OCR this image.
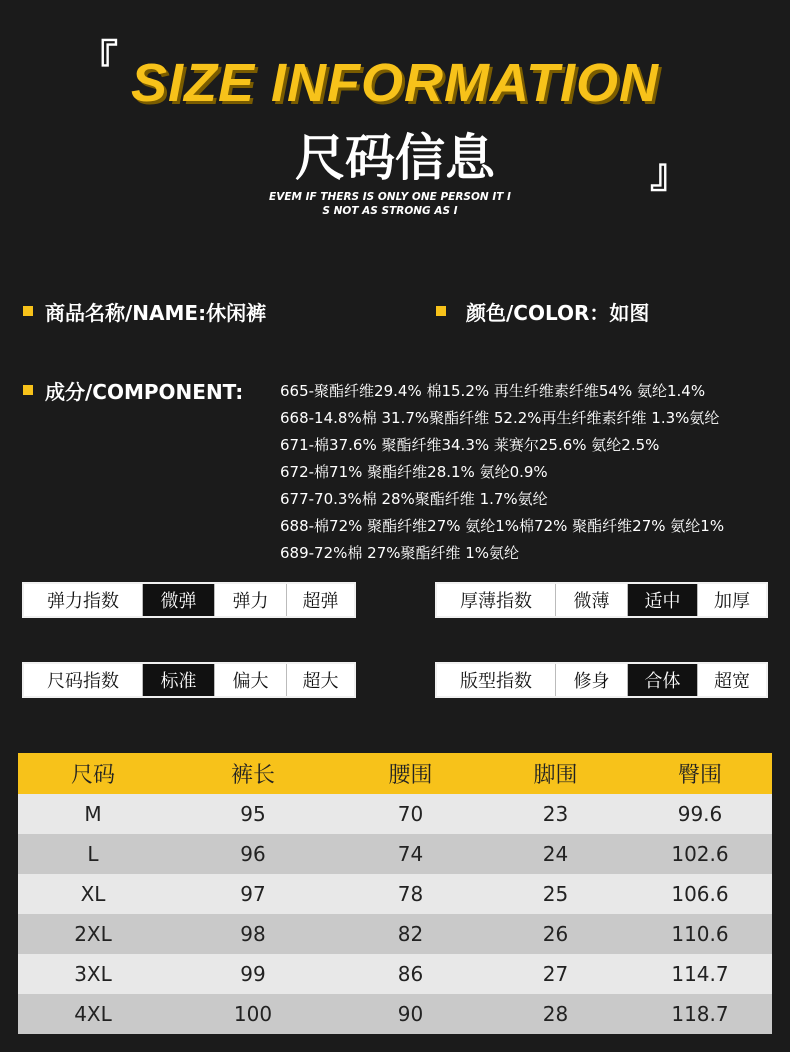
『
』
SIZE INFORMATION
尺码信息
EVEM IF THERS IS ONLY ONE PERSON IT I
S NOT AS STRONG AS I
商品名称/NAME:休闲裤	颜色/COLOR：如图
成分/COMPONENT: 665-聚酯纤维29.4% 棉15.2% 再生纤维素纤维54% 氨纶1.4%
668-14.8%棉 31.7%聚酯纤维 52.2%再生纤维素纤维 1.3%氨纶
671-棉37.6% 聚酯纤维34.3% 莱赛尔25.6% 氨纶2.5%
672-棉71% 聚酯纤维28.1% 氨纶0.9%
677-70.3%棉 28%聚酯纤维 1.7%氨纶
688-棉72% 聚酯纤维27% 氨纶1%棉72% 聚酯纤维27% 氨纶1%
689-72%棉 27%聚酯纤维 1%氨纶
弹力指数	微弹	弹力	超弹	厚薄指数	微薄	适中	加厚
尺码指数	标准	偏大	超大	版型指数	修身	合体	超宽
尺码	裤长	腰围	脚围	臀围
M	95	70	23	99.6
L	96	74	24	102.6
XL	97	78	25	106.6
2XL	98	82	26	110.6
3XL	99	86	27	114.7
4XL	100	90	28	118.7
